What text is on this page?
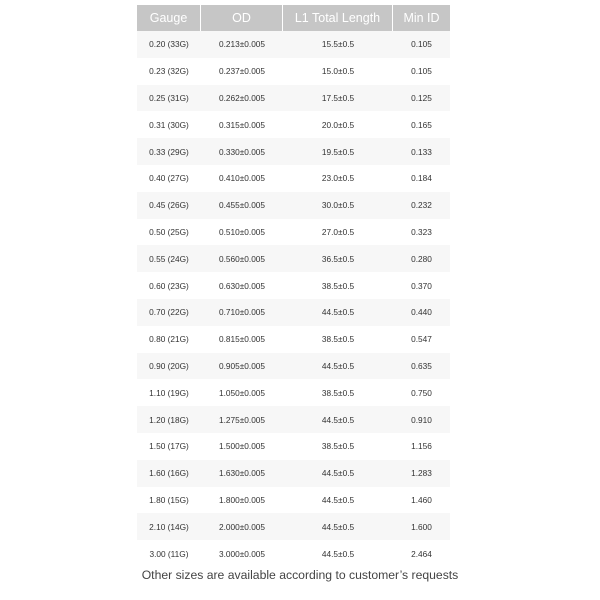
Gauge	OD	L1 Total Length	Min ID
0.20 (33G)	0.213±0.005	15.5±0.5	0.105
0.23 (32G)	0.237±0.005	15.0±0.5	0.105
0.25 (31G)	0.262±0.005	17.5±0.5	0.125
0.31 (30G)	0.315±0.005	20.0±0.5	0.165
0.33 (29G)	0.330±0.005	19.5±0.5	0.133
0.40 (27G)	0.410±0.005	23.0±0.5	0.184
0.45 (26G)	0.455±0.005	30.0±0.5	0.232
0.50 (25G)	0.510±0.005	27.0±0.5	0.323
0.55 (24G)	0.560±0.005	36.5±0.5	0.280
0.60 (23G)	0.630±0.005	38.5±0.5	0.370
0.70 (22G)	0.710±0.005	44.5±0.5	0.440
0.80 (21G)	0.815±0.005	38.5±0.5	0.547
0.90 (20G)	0.905±0.005	44.5±0.5	0.635
1.10 (19G)	1.050±0.005	38.5±0.5	0.750
1.20 (18G)	1.275±0.005	44.5±0.5	0.910
1.50 (17G)	1.500±0.005	38.5±0.5	1.156
1.60 (16G)	1.630±0.005	44.5±0.5	1.283
1.80 (15G)	1.800±0.005	44.5±0.5	1.460
2.10 (14G)	2.000±0.005	44.5±0.5	1.600
3.00 (11G)	3.000±0.005	44.5±0.5	2.464
Other sizes are available according to customer’s requests
